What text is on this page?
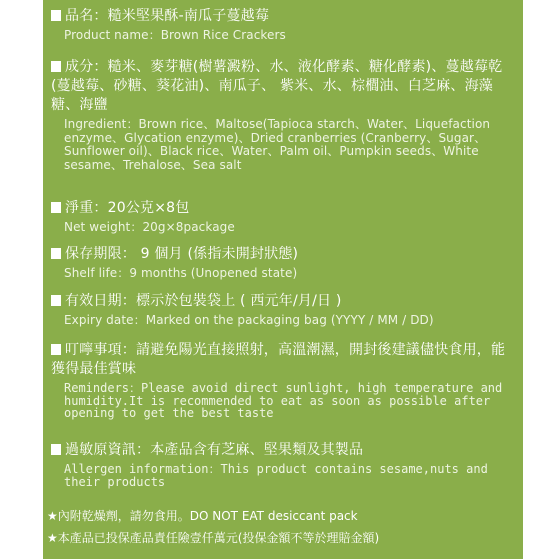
品名：糙米堅果酥-南瓜子蔓越莓
Product name：Brown Rice Crackers
成分：糙米、麥芽糖(樹薯澱粉、水、液化酵素、糖化酵素)、蔓越莓乾(蔓越莓、砂糖、葵花油)、南瓜子、 紫米、水、棕櫚油、白芝麻、海藻糖、海鹽
Ingredient：Brown rice、Maltose(Tapioca starch、Water、Liquefaction enzyme、Glycation enzyme)、Dried cranberries (Cranberry、Sugar、Sunflower oil)、Black rice、Water、Palm oil、Pumpkin seeds、White sesame、Trehalose、Sea salt
淨重：20公克×8包
Net weight：20g×8package
保存期限： 9 個月 (係指未開封狀態)
Shelf life：9 months (Unopened state)
有效日期：標示於包裝袋上 ( 西元年/月/日 )
Expiry date：Marked on the packaging bag (YYYY / MM / DD)
叮嚀事項：請避免陽光直接照射，高溫潮濕，開封後建議儘快食用，能獲得最佳賞味
Reminders：Please avoid direct sunlight, high temperature and humidity.It is recommended to eat as soon as possible after opening to get the best taste
過敏原資訊：本產品含有芝麻、堅果類及其製品
Allergen information：This product contains sesame,nuts and their products
★內附乾燥劑，請勿食用。DO NOT EAT desiccant pack
★本產品已投保產品責任險壹仟萬元(投保金額不等於理賠金額)
